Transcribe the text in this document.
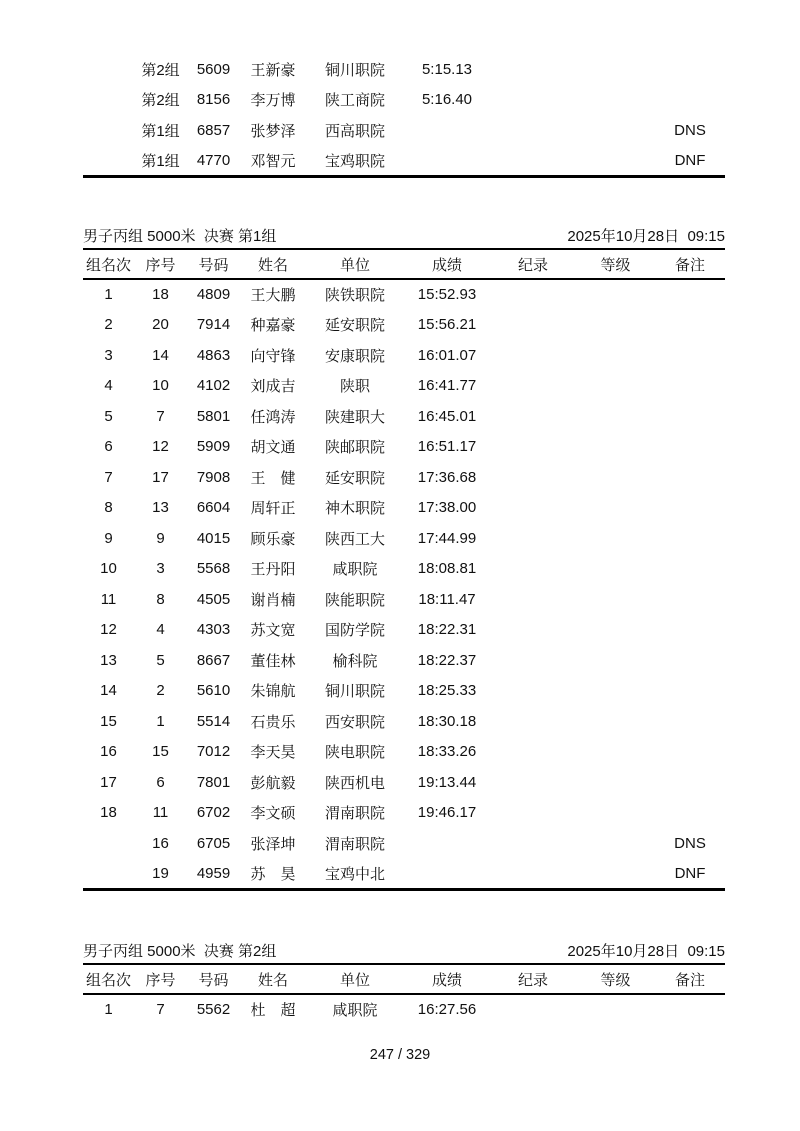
	第2组	5609	王新豪	铜川职院	5:15.13			
	第2组	8156	李万博	陕工商院	5:16.40			
	第1组	6857	张梦泽	西高职院				DNS
	第1组	4770	邓智元	宝鸡职院				DNF
男子丙组 5000米  决赛 第1组	2025年10月28日  09:15
组名次	序号	号码	姓名	单位	成绩	纪录	等级	备注
1	18	4809	王大鹏	陕铁职院	15:52.93			
2	20	7914	种嘉豪	延安职院	15:56.21			
3	14	4863	向守锋	安康职院	16:01.07			
4	10	4102	刘成吉	陕职	16:41.77			
5	7	5801	任鸿涛	陕建职大	16:45.01			
6	12	5909	胡文通	陕邮职院	16:51.17			
7	17	7908	王　健	延安职院	17:36.68			
8	13	6604	周轩正	神木职院	17:38.00			
9	9	4015	顾乐豪	陕西工大	17:44.99			
10	3	5568	王丹阳	咸职院	18:08.81			
11	8	4505	谢肖楠	陕能职院	18:11.47			
12	4	4303	苏文宽	国防学院	18:22.31			
13	5	8667	董佳林	榆科院	18:22.37			
14	2	5610	朱锦航	铜川职院	18:25.33			
15	1	5514	石贵乐	西安职院	18:30.18			
16	15	7012	李天昊	陕电职院	18:33.26			
17	6	7801	彭航毅	陕西机电	19:13.44			
18	11	6702	李文硕	渭南职院	19:46.17			
	16	6705	张泽坤	渭南职院				DNS
	19	4959	苏　昊	宝鸡中北				DNF
男子丙组 5000米  决赛 第2组	2025年10月28日  09:15
组名次	序号	号码	姓名	单位	成绩	纪录	等级	备注
1	7	5562	杜　超	咸职院	16:27.56			
247 / 329
